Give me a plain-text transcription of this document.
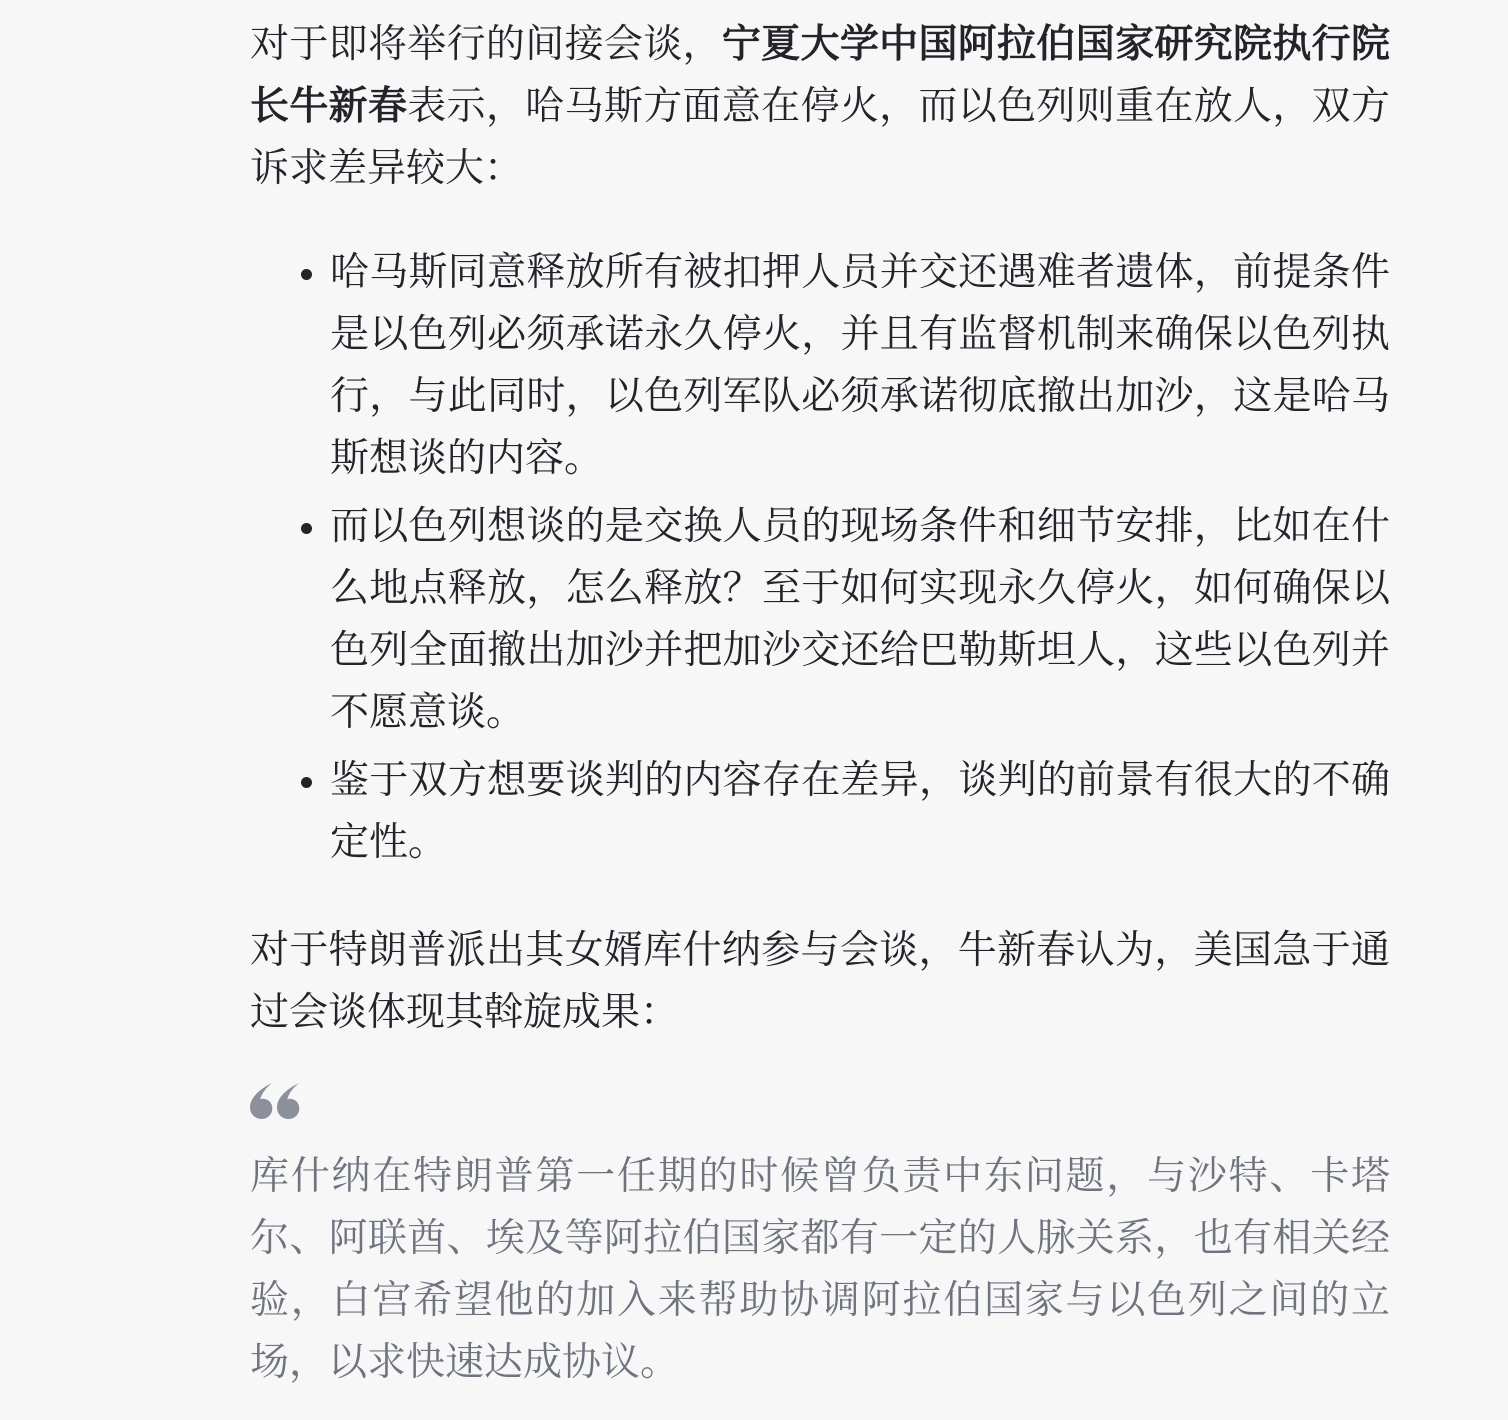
对于即将举行的间接会谈，宁夏大学中国阿拉伯国家研究院执行院长牛新春表示，哈马斯方面意在停火，而以色列则重在放人，双方诉求差异较大：

• 哈马斯同意释放所有被扣押人员并交还遇难者遗体，前提条件是以色列必须承诺永久停火，并且有监督机制来确保以色列执行，与此同时，以色列军队必须承诺彻底撤出加沙，这是哈马斯想谈的内容。
• 而以色列想谈的是交换人员的现场条件和细节安排，比如在什么地点释放，怎么释放？至于如何实现永久停火，如何确保以色列全面撤出加沙并把加沙交还给巴勒斯坦人，这些以色列并不愿意谈。
• 鉴于双方想要谈判的内容存在差异，谈判的前景有很大的不确定性。

对于特朗普派出其女婿库什纳参与会谈，牛新春认为，美国急于通过会谈体现其斡旋成果：

库什纳在特朗普第一任期的时候曾负责中东问题，与沙特、卡塔尔、阿联酋、埃及等阿拉伯国家都有一定的人脉关系，也有相关经验，白宫希望他的加入来帮助协调阿拉伯国家与以色列之间的立场，以求快速达成协议。
